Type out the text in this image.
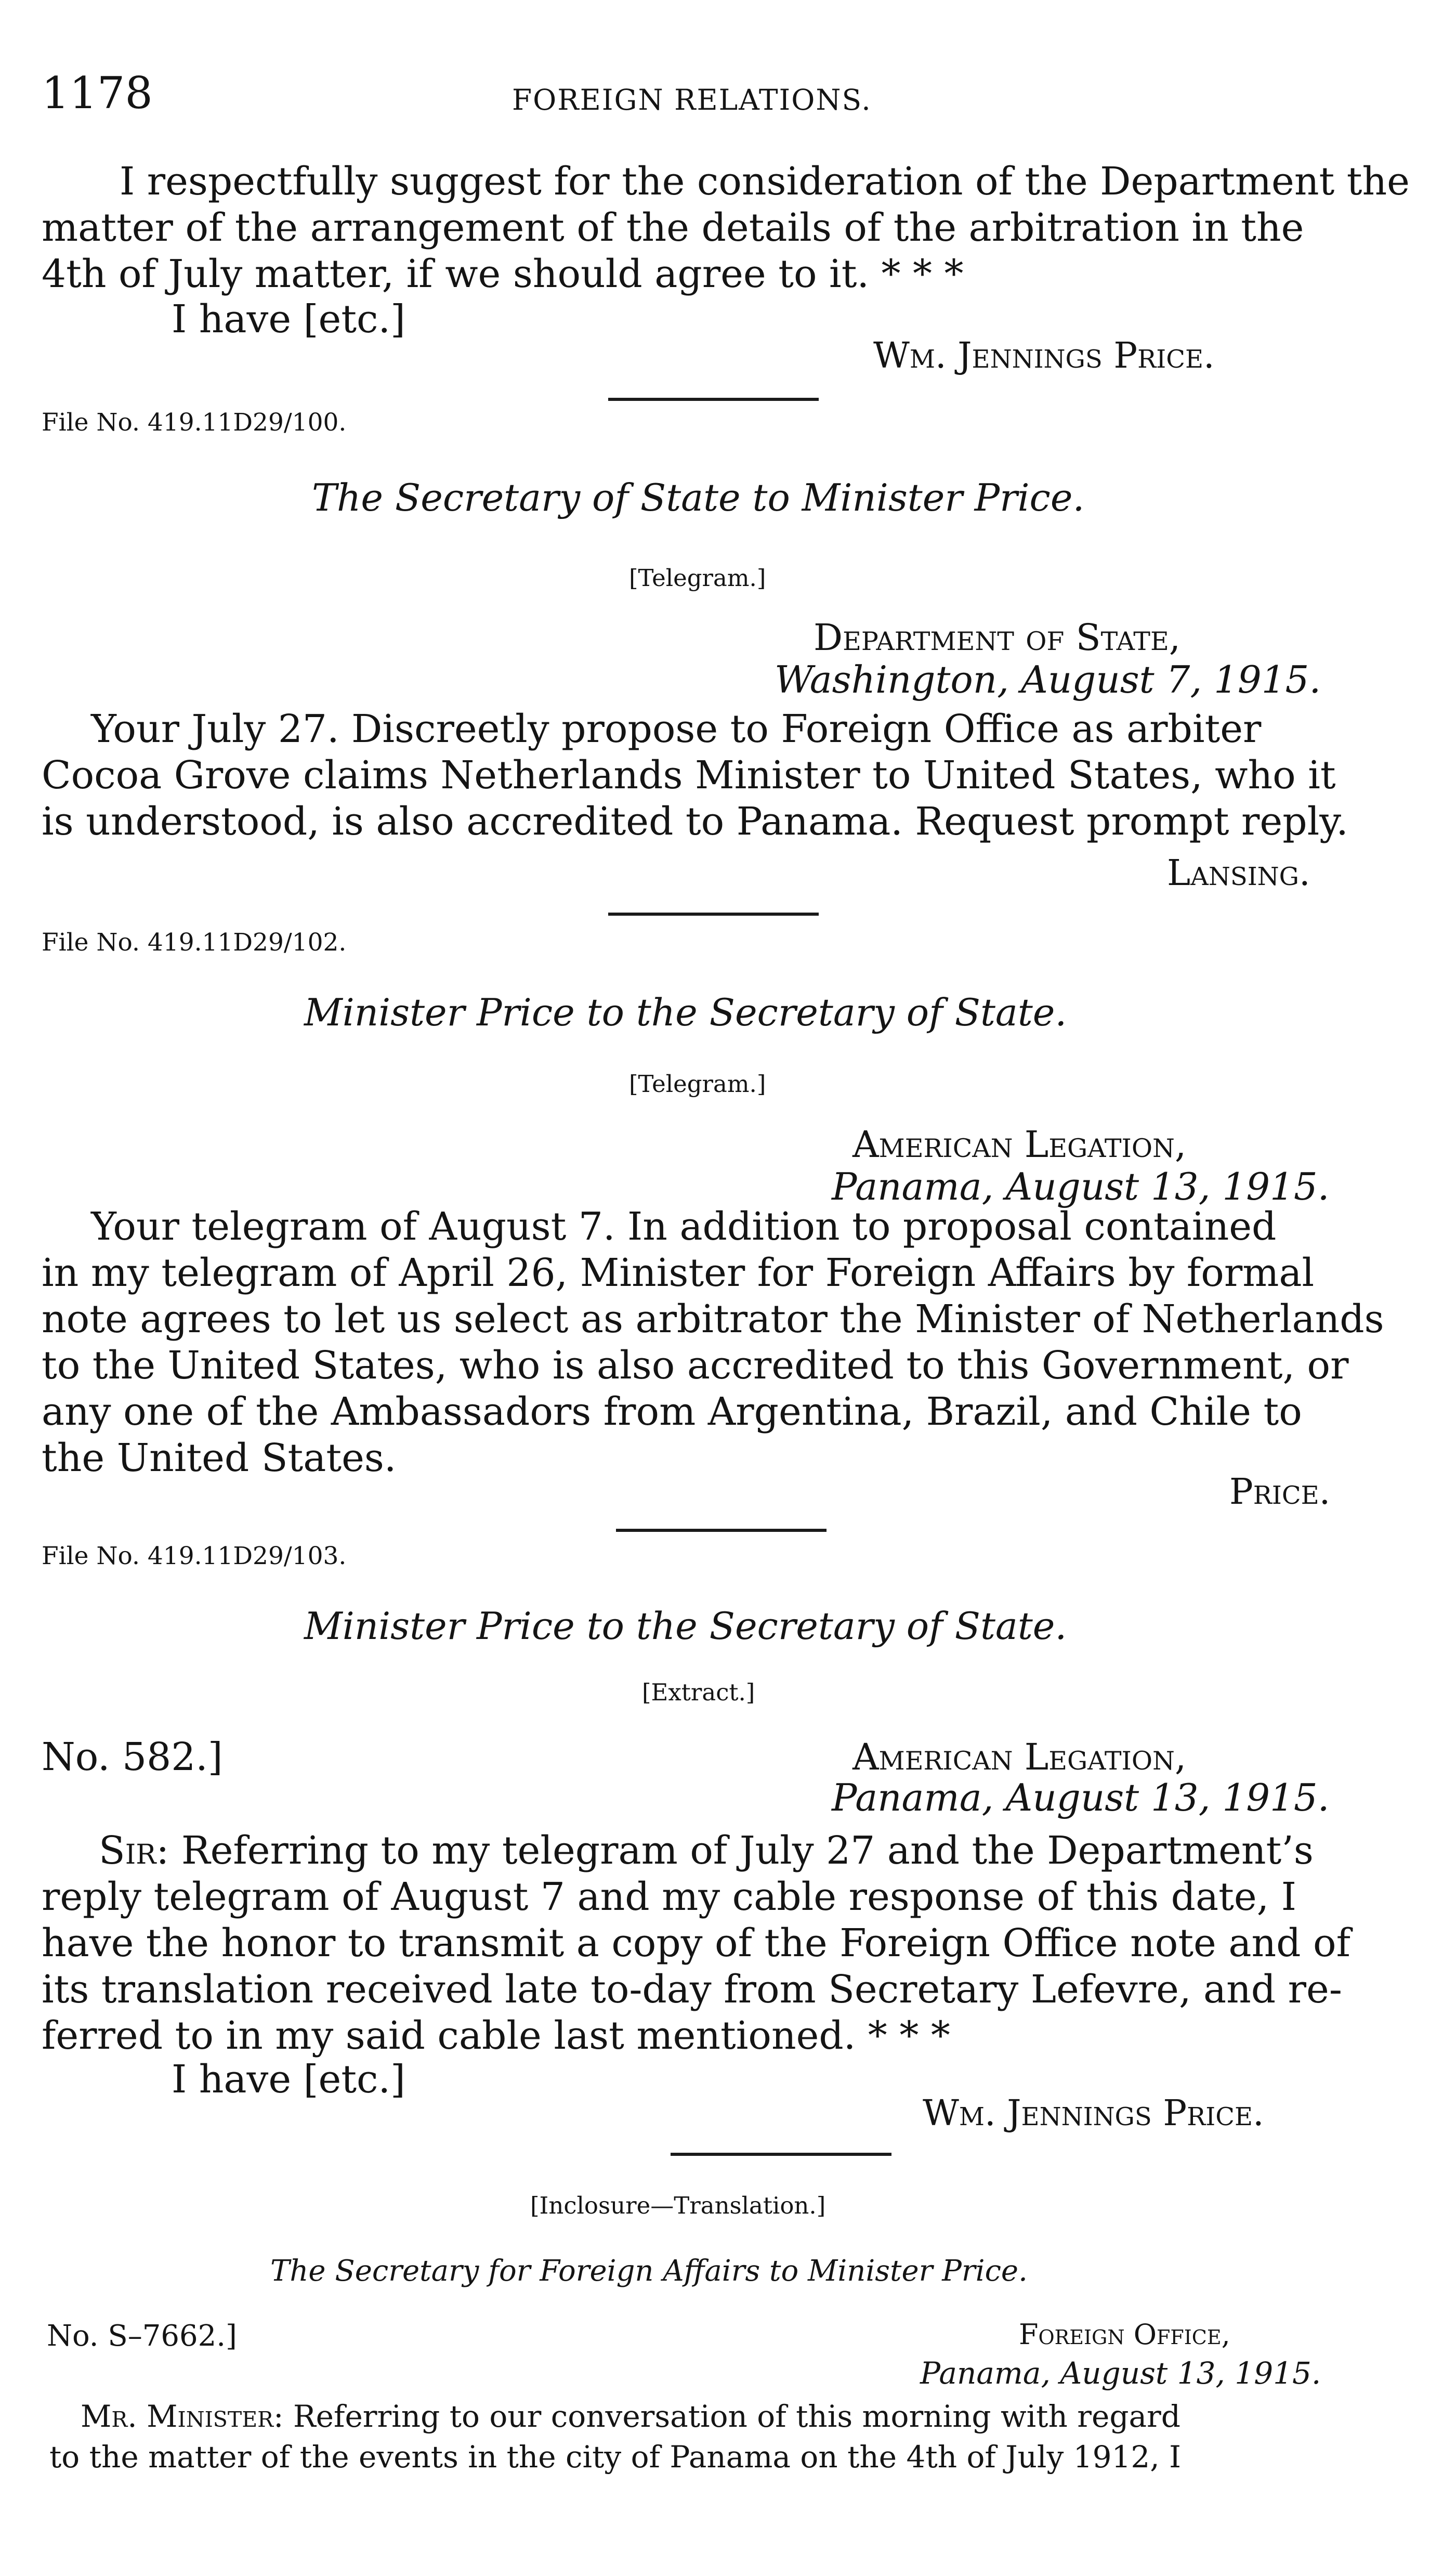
1178	FOREIGN RELATIONS.
I respectfully suggest for the consideration of the Department the
matter of the arrangement of the details of the arbitration in the
4th of July matter, if we should agree to it. * * *
I have [etc.]
Wm. Jennings Price.
File No. 419.11D29/100.
The Secretary of State to Minister Price.
[Telegram.]
Department of State,
Washington, August 7, 1915.
Your July 27. Discreetly propose to Foreign Office as arbiter
Cocoa Grove claims Netherlands Minister to United States, who it
is understood, is also accredited to Panama. Request prompt reply.
Lansing.
File No. 419.11D29/102.
Minister Price to the Secretary of State.
[Telegram.]
American Legation,
Panama, August 13, 1915.
Your telegram of August 7. In addition to proposal contained
in my telegram of April 26, Minister for Foreign Affairs by formal
note agrees to let us select as arbitrator the Minister of Netherlands
to the United States, who is also accredited to this Government, or
any one of the Ambassadors from Argentina, Brazil, and Chile to
the United States.
Price.
File No. 419.11D29/103.
Minister Price to the Secretary of State.
[Extract.]
No. 582.]	American Legation,
Panama, August 13, 1915.
Sir: Referring to my telegram of July 27 and the Department’s
reply telegram of August 7 and my cable response of this date, I
have the honor to transmit a copy of the Foreign Office note and of
its translation received late to-day from Secretary Lefevre, and re-
ferred to in my said cable last mentioned. * * *
I have [etc.]
Wm. Jennings Price.
[Inclosure—Translation.]
The Secretary for Foreign Affairs to Minister Price.
No. S–7662.]	Foreign Office,
Panama, August 13, 1915.
Mr. Minister: Referring to our conversation of this morning with regard
to the matter of the events in the city of Panama on the 4th of July 1912, I
